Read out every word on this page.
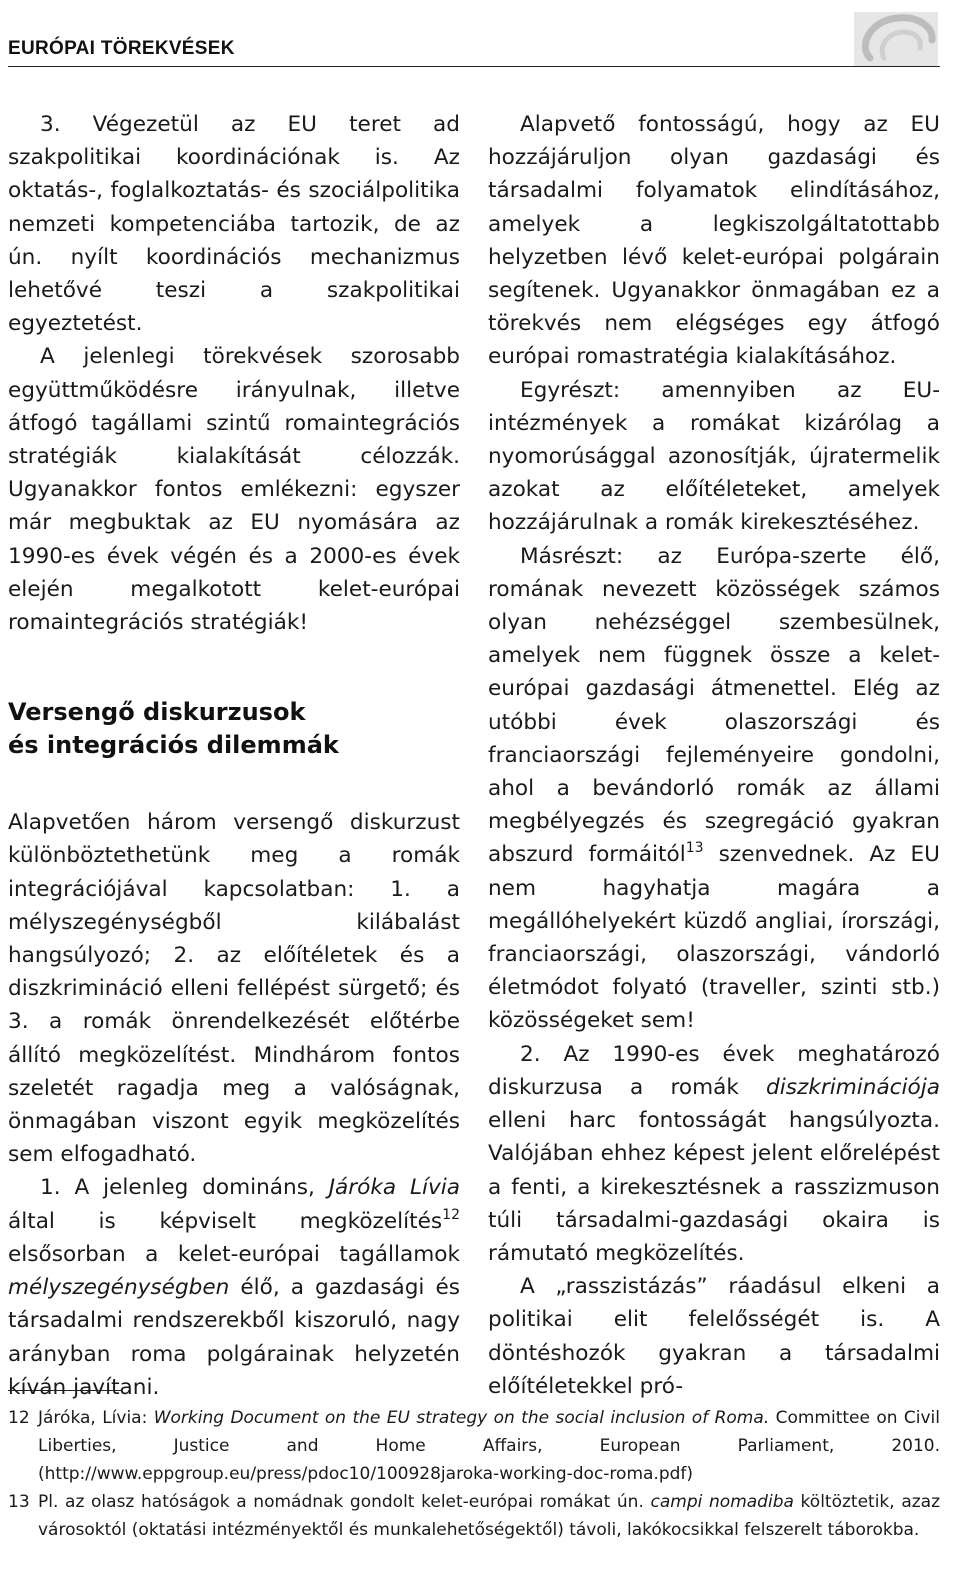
EURÓPAI TÖREKVÉSEK

3. Végezetül az EU teret ad szakpolitikai koordinációnak is. Az oktatás-, foglalkoztatás- és szociálpolitika nemzeti kompetenciába tartozik, de az ún. nyílt koordinációs mechanizmus lehetővé teszi a szakpolitikai egyeztetést.

A jelenlegi törekvések szorosabb együttműködésre irányulnak, illetve átfogó tagállami szintű romaintegrációs stratégiák kialakítását célozzák. Ugyanakkor fontos emlékezni: egyszer már megbuktak az EU nyomására az 1990-es évek végén és a 2000-es évek elején megalkotott kelet-európai romaintegrációs stratégiák!

Versengő diskurzusok
és integrációs dilemmák

Alapvetően három versengő diskurzust különböztethetünk meg a romák integrációjával kapcsolatban: 1. a mélyszegénységből kilábalást hangsúlyozó; 2. az előítéletek és a diszkrimináció elleni fellépést sürgető; és 3. a romák önrendelkezését előtérbe állító megközelítést. Mindhárom fontos szeletét ragadja meg a valóságnak, önmagában viszont egyik megközelítés sem elfogadható.

1. A jelenleg domináns, Járóka Lívia által is képviselt megközelítés$^{12}$ elsősorban a kelet-európai tagállamok mélyszegénységben élő, a gazdasági és társadalmi rendszerekből kiszoruló, nagy arányban roma polgárainak helyzetén kíván javítani.

Alapvető fontosságú, hogy az EU hozzájáruljon olyan gazdasági és társadalmi folyamatok elindításához, amelyek a legkiszolgáltatottabb helyzetben lévő kelet-európai polgárain segítenek. Ugyanakkor önmagában ez a törekvés nem elégséges egy átfogó európai romastratégia kialakításához.

Egyrészt: amennyiben az EU-intézmények a romákat kizárólag a nyomorúsággal azonosítják, újratermelik azokat az előítéleteket, amelyek hozzájárulnak a romák kirekesztéséhez.

Másrészt: az Európa-szerte élő, romának nevezett közösségek számos olyan nehézséggel szembesülnek, amelyek nem függnek össze a kelet-európai gazdasági átmenettel. Elég az utóbbi évek olaszországi és franciaországi fejleményeire gondolni, ahol a bevándorló romák az állami megbélyegzés és szegregáció gyakran abszurd formáitól$^{13}$ szenvednek. Az EU nem hagyhatja magára a megállóhelyekért küzdő angliai, írországi, franciaországi, olaszországi, vándorló életmódot folyató (traveller, szinti stb.) közösségeket sem!

2. Az 1990-es évek meghatározó diskurzusa a romák diszkriminációja elleni harc fontosságát hangsúlyozta. Valójában ehhez képest jelent előrelépést a fenti, a kirekesztésnek a rasszizmuson túli társadalmi-gazdasági okaira is rámutató megközelítés.

A „rasszistázás” ráadásul elkeni a politikai elit felelősségét is. A döntéshozók gyakran a társadalmi előítéletekkel pró-

12 Járóka, Lívia: Working Document on the EU strategy on the social inclusion of Roma. Committee on Civil Liberties, Justice and Home Affairs, European Parliament, 2010. (http://www.eppgroup.eu/press/pdoc10/100928jaroka-working-doc-roma.pdf)

13 Pl. az olasz hatóságok a nomádnak gondolt kelet-európai romákat ún. campi nomadiba költöztetik, azaz városoktól (oktatási intézményektől és munkalehetőségektől) távoli, lakókocsikkal felszerelt táborokba.
